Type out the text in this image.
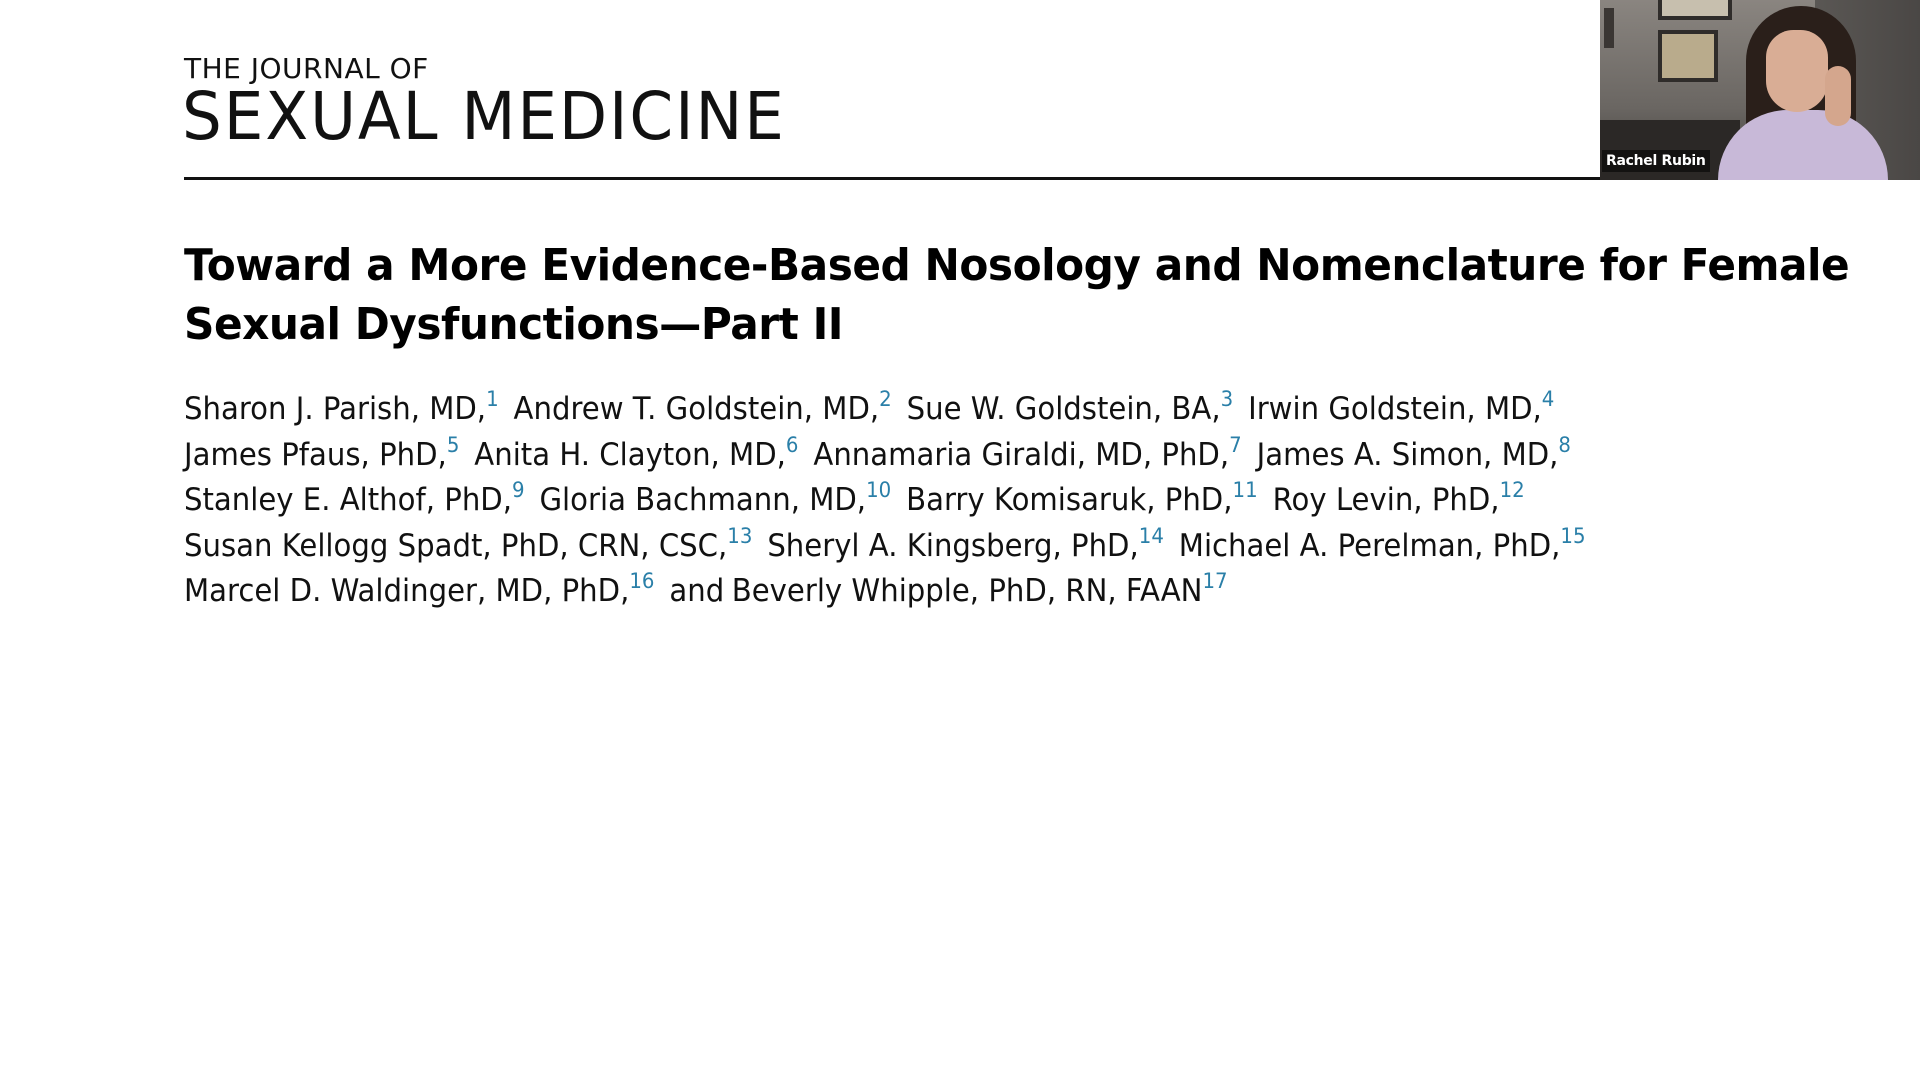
THE JOURNAL OF
SEXUAL MEDICINE
Toward a More Evidence-Based Nosology and Nomenclature for Female
Sexual Dysfunctions—Part II
Sharon J. Parish, MD,$^1$ Andrew T. Goldstein, MD,$^2$ Sue W. Goldstein, BA,$^3$ Irwin Goldstein, MD,$^4$
James Pfaus, PhD,$^5$ Anita H. Clayton, MD,$^6$ Annamaria Giraldi, MD, PhD,$^7$ James A. Simon, MD,$^8$
Stanley E. Althof, PhD,$^9$ Gloria Bachmann, MD,$^{10}$ Barry Komisaruk, PhD,$^{11}$ Roy Levin, PhD,$^{12}$
Susan Kellogg Spadt, PhD, CRN, CSC,$^{13}$ Sheryl A. Kingsberg, PhD,$^{14}$ Michael A. Perelman, PhD,$^{15}$
Marcel D. Waldinger, MD, PhD,$^{16}$ and Beverly Whipple, PhD, RN, FAAN$^{17}$
Rachel Rubin
